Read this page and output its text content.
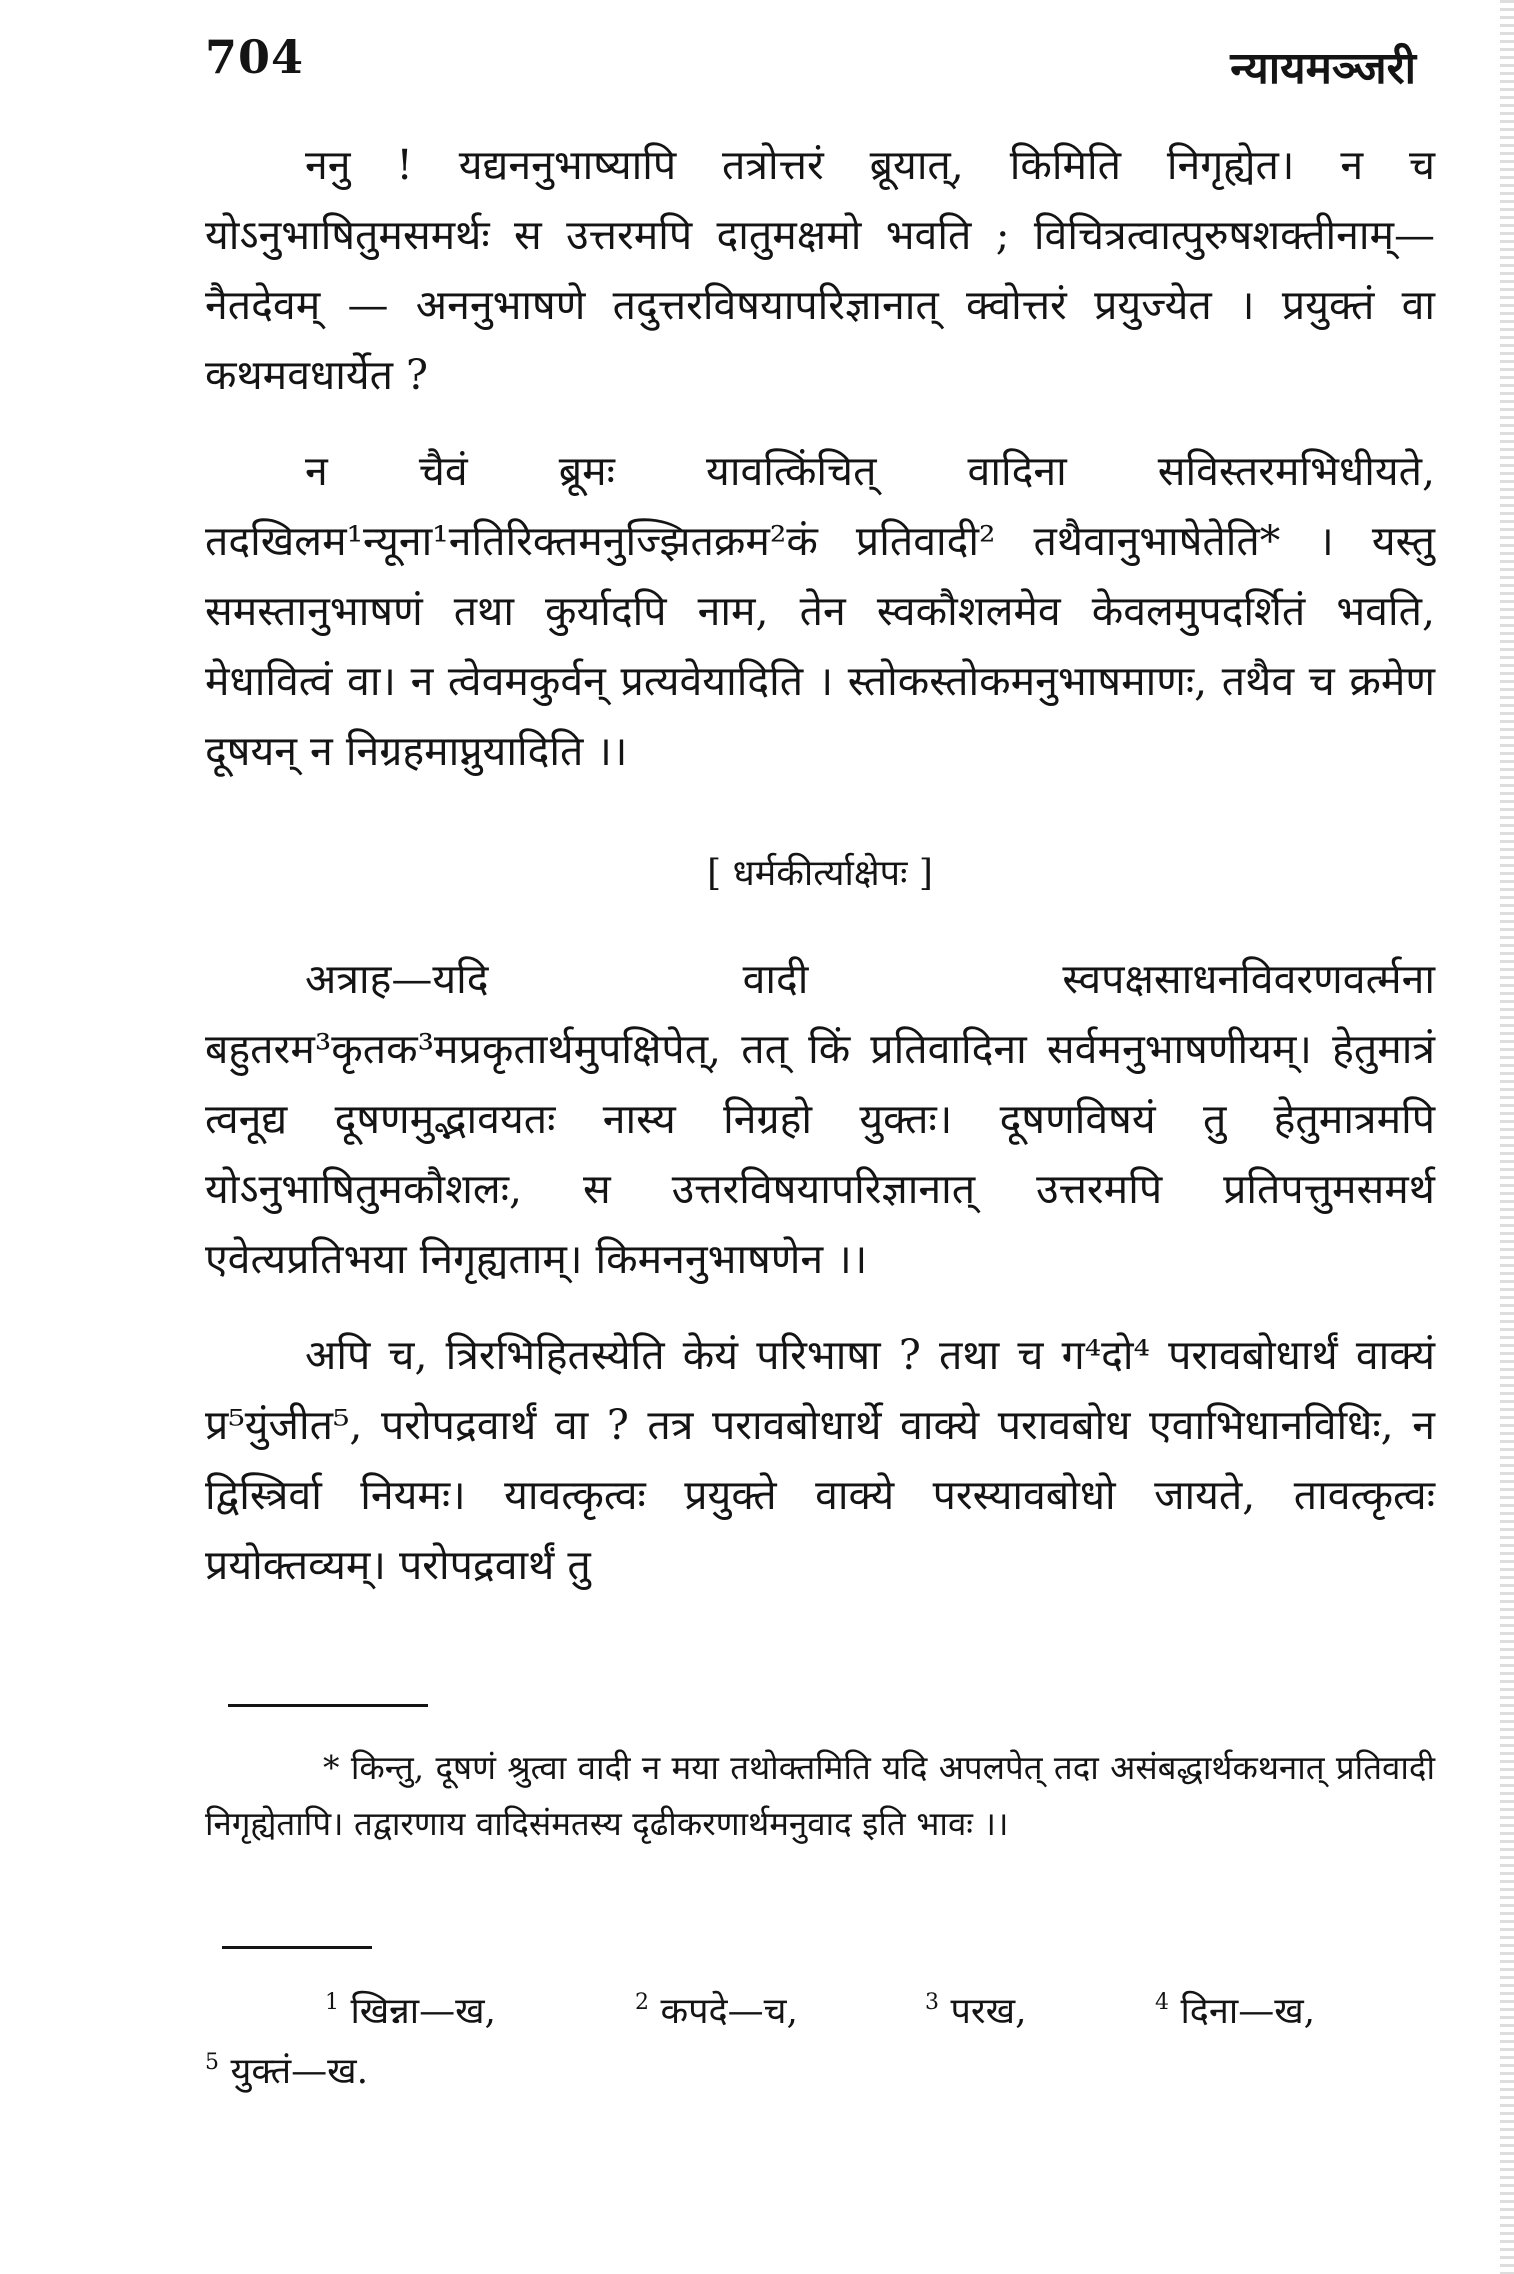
704	न्यायमञ्जरी

ननु ! यद्यननुभाष्यापि तत्रोत्तरं ब्रूयात्, किमिति निगृह्येत। न च योऽनुभाषितुमसमर्थः स उत्तरमपि दातुमक्षमो भवति ; विचित्रत्वात्पुरुषशक्तीनाम्—नैतदेवम् — अननुभाषणे तदुत्तरविषयापरिज्ञानात् क्वोत्तरं प्रयुज्येत । प्रयुक्तं वा कथमवधार्येत ?

न चैवं ब्रूमः यावत्किंचित् वादिना सविस्तरमभिधीयते, तदखिलम¹न्यूना¹नतिरिक्तमनुज्झितक्रम²कं प्रतिवादी² तथैवानुभाषेतेति* । यस्तु समस्तानुभाषणं तथा कुर्यादपि नाम, तेन स्वकौशलमेव केवलमुपदर्शितं भवति, मेधावित्वं वा। न त्वेवमकुर्वन् प्रत्यवेयादिति । स्तोकस्तोकमनुभाषमाणः, तथैव च क्रमेण दूषयन् न निग्रहमाप्नुयादिति ।।

[ धर्मकीर्त्याक्षेपः ]

अत्राह—यदि वादी स्वपक्षसाधनविवरणवर्त्मना बहुतरम³कृतक³मप्रकृतार्थमुपक्षिपेत्, तत् किं प्रतिवादिना सर्वमनुभाषणीयम्। हेतुमात्रं त्वनूद्य दूषणमुद्भावयतः नास्य निग्रहो युक्तः। दूषणविषयं तु हेतुमात्रमपि योऽनुभाषितुमकौशलः, स उत्तरविषयापरिज्ञानात् उत्तरमपि प्रतिपत्तुमसमर्थ एवेत्यप्रतिभया निगृह्यताम्। किमननुभाषणेन ।।

अपि च, त्रिरभिहितस्येति केयं परिभाषा ? तथा च ग⁴दो⁴ परावबोधार्थं वाक्यं प्र⁵युंजीत⁵, परोपद्रवार्थं वा ? तत्र परावबोधार्थे वाक्ये परावबोध एवाभिधानविधिः, न द्विस्त्रिर्वा नियमः। यावत्कृत्वः प्रयुक्ते वाक्ये परस्यावबोधो जायते, तावत्कृत्वः प्रयोक्तव्यम्। परोपद्रवार्थं तु

* किन्तु, दूषणं श्रुत्वा वादी न मया तथोक्तमिति यदि अपलपेत् तदा असंबद्धार्थकथनात् प्रतिवादी निगृह्येतापि। तद्वारणाय वादिसंमतस्य दृढीकरणार्थमनुवाद इति भावः ।।

$^1$ खिन्ना—ख,	$^2$ कपदे—च,	$^3$ परख,	$^4$ दिना—ख,
$^5$ युक्तं—ख.
